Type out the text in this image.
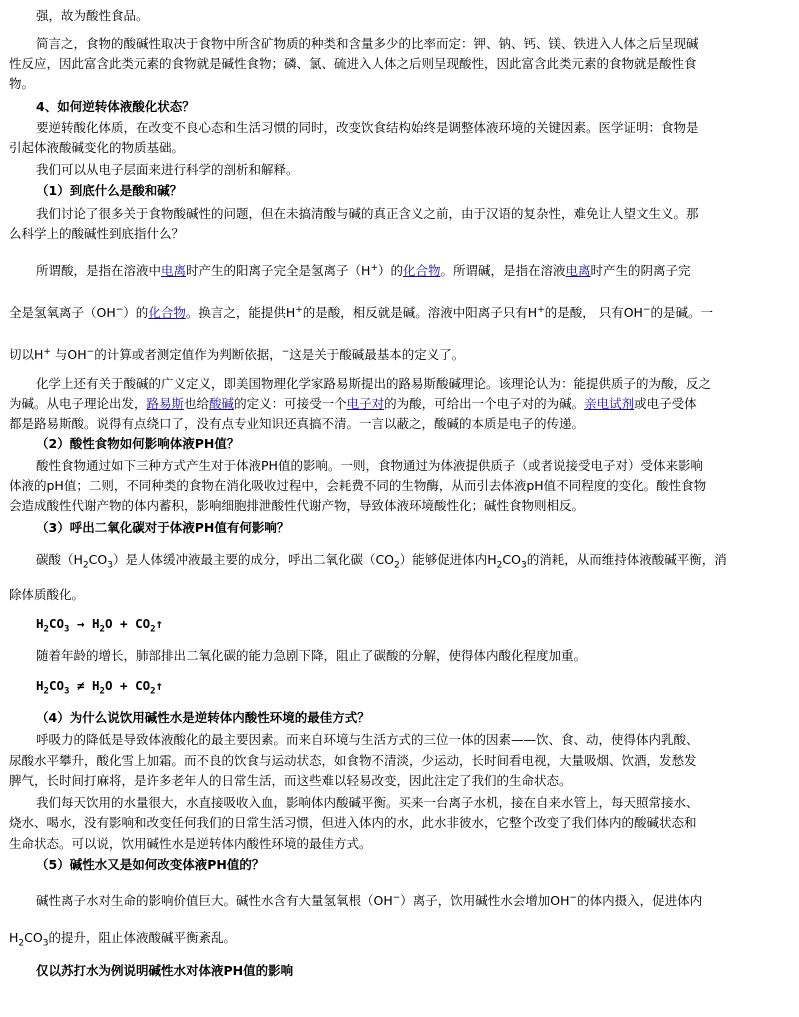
强，故为酸性食品。
简言之，食物的酸碱性取决于食物中所含矿物质的种类和含量多少的比率而定：钾、钠、钙、镁、铁进入人体之后呈现碱
性反应，因此富含此类元素的食物就是碱性食物；磷、氯、硫进入人体之后则呈现酸性，因此富含此类元素的食物就是酸性食
物。
4、如何逆转体液酸化状态？
要逆转酸化体质，在改变不良心态和生活习惯的同时，改变饮食结构始终是调整体液环境的关键因素。医学证明：食物是
引起体液酸碱变化的物质基础。
我们可以从电子层面来进行科学的剖析和解释。
（1）到底什么是酸和碱？
我们讨论了很多关于食物酸碱性的问题，但在未搞清酸与碱的真正含义之前，由于汉语的复杂性，难免让人望文生义。那
么科学上的酸碱性到底指什么？
所谓酸，是指在溶液中电离时产生的阳离子完全是氢离子（H+）的化合物。所谓碱，是指在溶液电离时产生的阴离子完
全是氢氧离子（OH−）的化合物。换言之，能提供H+的是酸，相反就是碱。溶液中阳离子只有H+的是酸， 只有OH−的是碱。一
切以H+ 与OH−的计算或者测定值作为判断依据，−这是关于酸碱最基本的定义了。
化学上还有关于酸碱的广义定义，即美国物理化学家路易斯提出的路易斯酸碱理论。该理论认为：能提供质子的为酸，反之
为碱。从电子理论出发，路易斯也给酸碱的定义：可接受一个电子对的为酸，可给出一个电子对的为碱。亲电试剂或电子受体
都是路易斯酸。说得有点绕口了，没有点专业知识还真搞不清。一言以蔽之，酸碱的本质是电子的传递。
（2）酸性食物如何影响体液PH值？
酸性食物通过如下三种方式产生对于体液PH值的影响。一则，食物通过为体液提供质子（或者说接受电子对）受体来影响
体液的pH值；二则，不同种类的食物在消化吸收过程中，会耗费不同的生物酶，从而引去体液pH值不同程度的变化。酸性食物
会造成酸性代谢产物的体内蓄积，影响细胞排泄酸性代谢产物，导致体液环境酸性化；碱性食物则相反。
（3）呼出二氧化碳对于体液PH值有何影响？
碳酸$(H_2CO_3)$是人体缓冲液最主要的成分，呼出二氧化碳$(CO_2)$能够促进体内$H_2CO_3$的消耗，从而维持体液酸碱平衡，消
除体质酸化。
$H_2CO_3 \to H_2O$ + $CO_2↑$
随着年龄的增长，肺部排出二氧化碳的能力急剧下降，阻止了碳酸的分解，使得体内酸化程度加重。
$H_2CO_3 \ne H_2O$ + $CO_2↑$
（4）为什么说饮用碱性水是逆转体内酸性环境的最佳方式？
呼吸力的降低是导致体液酸化的最主要因素。而来自环境与生活方式的三位一体的因素——饮、食、动，使得体内乳酸、
尿酸水平攀升，酸化雪上加霜。而不良的饮食与运动状态，如食物不清淡，少运动，长时间看电视，大量吸烟、饮酒，发愁发
脾气，长时间打麻将，是许多老年人的日常生活，而这些难以轻易改变，因此注定了我们的生命状态。
我们每天饮用的水量很大，水直接吸收入血，影响体内酸碱平衡。买来一台离子水机，接在自来水管上，每天照常接水、
烧水、喝水，没有影响和改变任何我们的日常生活习惯，但进入体内的水，此水非彼水，它整个改变了我们体内的酸碱状态和
生命状态。可以说，饮用碱性水是逆转体内酸性环境的最佳方式。
（5）碱性水又是如何改变体液PH值的？
碱性离子水对生命的影响价值巨大。碱性水含有大量氢氧根（OH−）离子，饮用碱性水会增加OH−的体内摄入，促进体内
$H_2CO_3$的提升，阻止体液酸碱平衡紊乱。
仅以苏打水为例说明碱性水对体液PH值的影响
